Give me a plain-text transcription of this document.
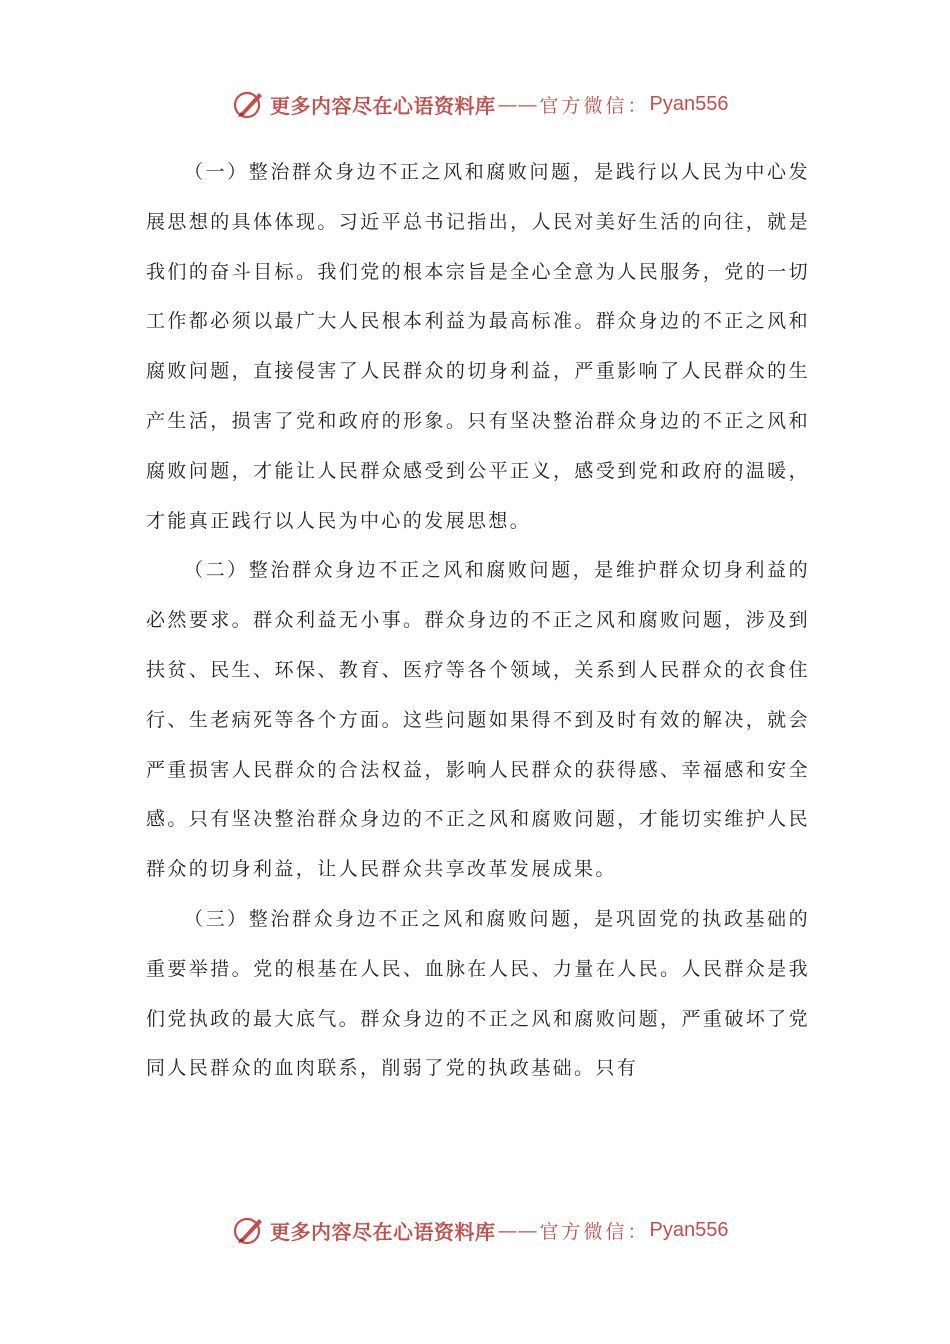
更多内容尽在心语资料库 —— 官方微信： Pyan556

（一）整治群众身边不正之风和腐败问题，是践行以人民为中心发展思想的具体体现。习近平总书记指出，人民对美好生活的向往，就是我们的奋斗目标。我们党的根本宗旨是全心全意为人民服务，党的一切工作都必须以最广大人民根本利益为最高标准。群众身边的不正之风和腐败问题，直接侵害了人民群众的切身利益，严重影响了人民群众的生产生活，损害了党和政府的形象。只有坚决整治群众身边的不正之风和腐败问题，才能让人民群众感受到公平正义，感受到党和政府的温暖，才能真正践行以人民为中心的发展思想。

（二）整治群众身边不正之风和腐败问题，是维护群众切身利益的必然要求。群众利益无小事。群众身边的不正之风和腐败问题，涉及到扶贫、民生、环保、教育、医疗等各个领域，关系到人民群众的衣食住行、生老病死等各个方面。这些问题如果得不到及时有效的解决，就会严重损害人民群众的合法权益，影响人民群众的获得感、幸福感和安全感。只有坚决整治群众身边的不正之风和腐败问题，才能切实维护人民群众的切身利益，让人民群众共享改革发展成果。

（三）整治群众身边不正之风和腐败问题，是巩固党的执政基础的重要举措。党的根基在人民、血脉在人民、力量在人民。人民群众是我们党执政的最大底气。群众身边的不正之风和腐败问题，严重破坏了党同人民群众的血肉联系，削弱了党的执政基础。只有

更多内容尽在心语资料库 —— 官方微信： Pyan556
